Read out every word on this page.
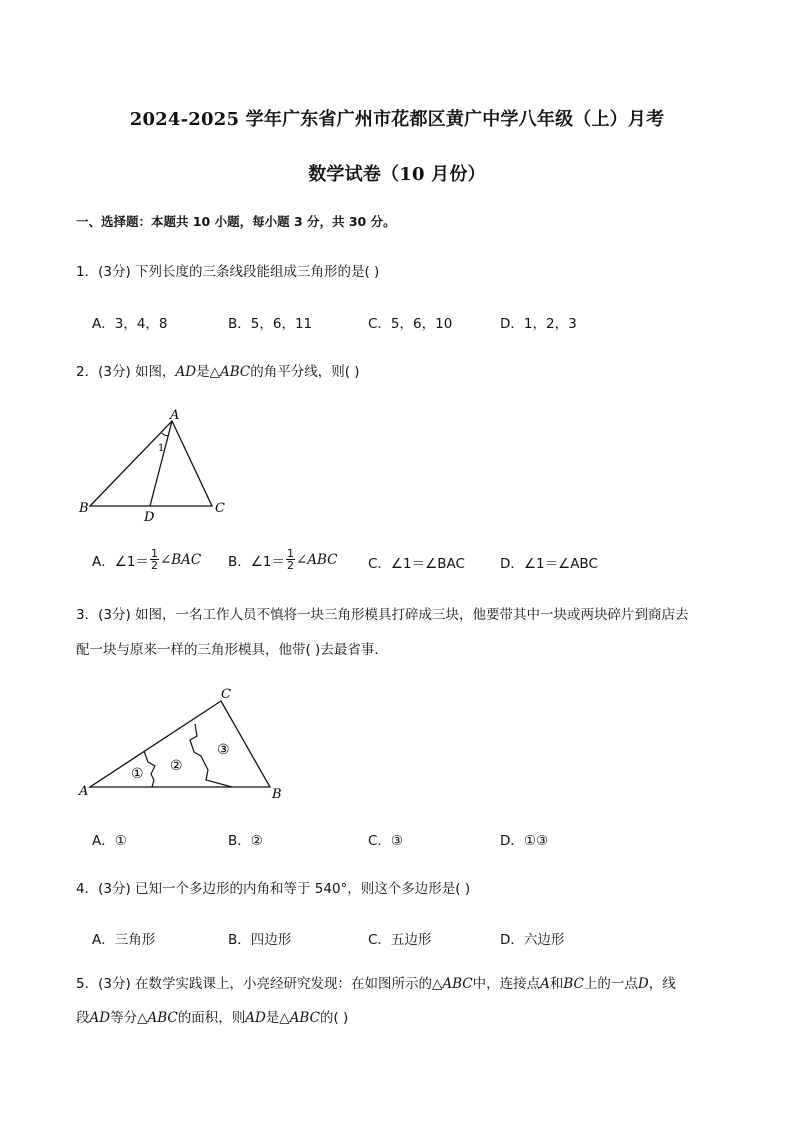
2024-2025 学年广东省广州市花都区黄广中学八年级（上）月考
数学试卷（10 月份）
一、选择题：本题共 10 小题，每小题 3 分，共 30 分。
1．(3分) 下列长度的三条线段能组成三角形的是( )
A．3，4，8	B．5，6，11	C．5，6，10	D．1，2，3
2．(3分) 如图，AD是△ABC的角平分线，则( )
A
B	C
D
1
A．∠1＝ $\frac{1}{2}$ ∠BAC B．∠1＝ $\frac{1}{2}$ ∠ABC C．∠1＝∠BAC	D．∠1＝∠ABC
3．(3分) 如图，一名工作人员不慎将一块三角形模具打碎成三块，他要带其中一块或两块碎片到商店去
配一块与原来一样的三角形模具，他带( )去最省事．
C
A	B
① ②
③
A．①	B．②	C．③	D．①③
4．(3分) 已知一个多边形的内角和等于 540°，则这个多边形是( )
A．三角形	B．四边形	C．五边形	D．六边形
5．(3分) 在数学实践课上，小亮经研究发现：在如图所示的△ABC中，连接点A和BC上的一点D，线
段AD等分△ABC的面积，则AD是△ABC的( )
